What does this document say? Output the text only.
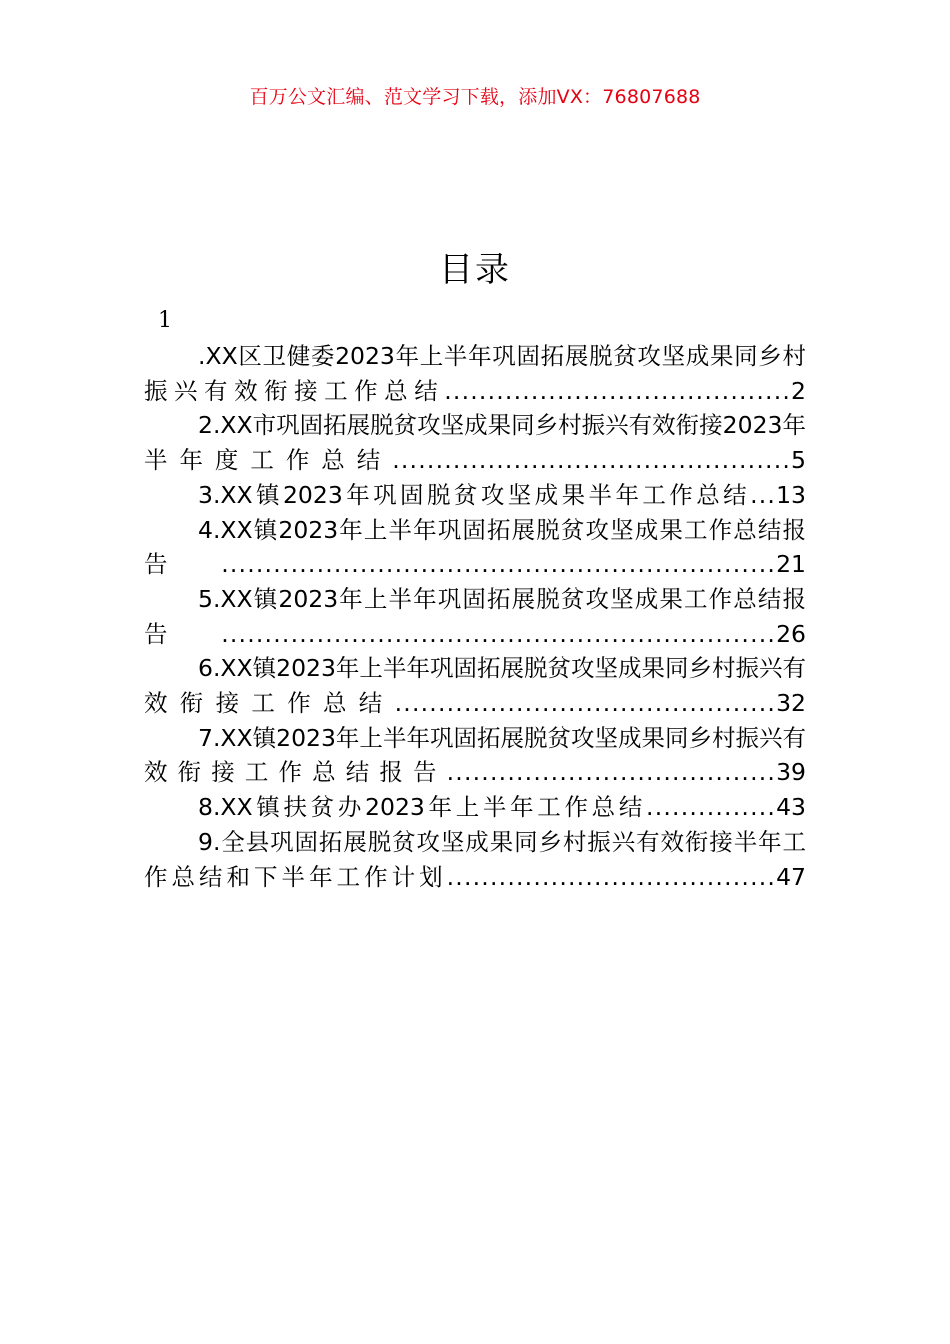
百万公文汇编、范文学习下载，添加VX：76807688
目录
1
.XX区卫健委2023年上半年巩固拓展脱贫攻坚成果同乡村振兴有效衔接工作总结........................................2
2.XX市巩固拓展脱贫攻坚成果同乡村振兴有效衔接2023年半年度工作总结..............................................5
3.XX镇2023年巩固脱贫攻坚成果半年工作总结...13
4.XX镇2023年上半年巩固拓展脱贫攻坚成果工作总结报告................................................................21
5.XX镇2023年上半年巩固拓展脱贫攻坚成果工作总结报告................................................................26
6.XX镇2023年上半年巩固拓展脱贫攻坚成果同乡村振兴有效衔接工作总结............................................32
7.XX镇2023年上半年巩固拓展脱贫攻坚成果同乡村振兴有效衔接工作总结报告......................................39
8.XX镇扶贫办2023年上半年工作总结...............43
9.全县巩固拓展脱贫攻坚成果同乡村振兴有效衔接半年工作总结和下半年工作计划......................................47
